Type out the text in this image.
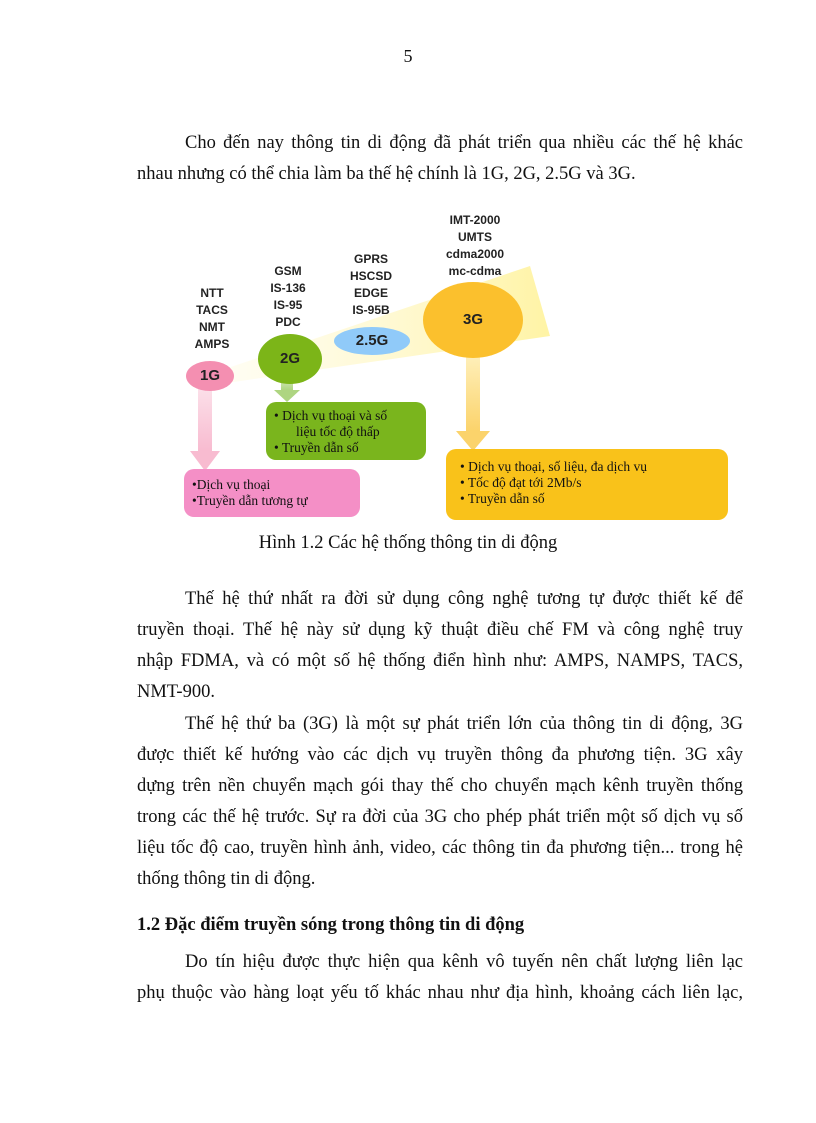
5

Cho đến nay thông tin di động đã phát triển qua nhiều các thế hệ khác
nhau nhưng có thể chia làm ba thế hệ chính là 1G, 2G, 2.5G và 3G.

NTT
TACS
NMT
AMPS
GSM
IS-136
IS-95
PDC
GPRS
HSCSD
EDGE
IS-95B
IMT-2000
UMTS
cdma2000
mc-cdma
1G
2G
2.5G
3G
• Dịch vụ thoại và số
liệu tốc độ thấp
• Truyền dẫn số
•Dịch vụ thoại
•Truyền dẫn tương tự
• Dịch vụ thoại, số liệu, đa dịch vụ
• Tốc độ đạt tới 2Mb/s
• Truyền dẫn số
Hình 1.2 Các hệ thống thông tin di động

Thế hệ thứ nhất ra đời sử dụng công nghệ tương tự được thiết kế để
truyền thoại. Thế hệ này sử dụng kỹ thuật điều chế FM và công nghệ truy
nhập FDMA, và có một số hệ thống điển hình như: AMPS, NAMPS, TACS,
NMT-900.

Thế hệ thứ ba (3G) là một sự phát triển lớn của thông tin di động, 3G
được thiết kế hướng vào các dịch vụ truyền thông đa phương tiện. 3G xây
dựng trên nền chuyển mạch gói thay thế cho chuyển mạch kênh truyền thống
trong các thế hệ trước. Sự ra đời của 3G cho phép phát triển một số dịch vụ số
liệu tốc độ cao, truyền hình ảnh, video, các thông tin đa phương tiện... trong hệ
thống thông tin di động.

1.2 Đặc điểm truyền sóng trong thông tin di động

Do tín hiệu được thực hiện qua kênh vô tuyến nên chất lượng liên lạc
phụ thuộc vào hàng loạt yếu tố khác nhau như địa hình, khoảng cách liên lạc,
